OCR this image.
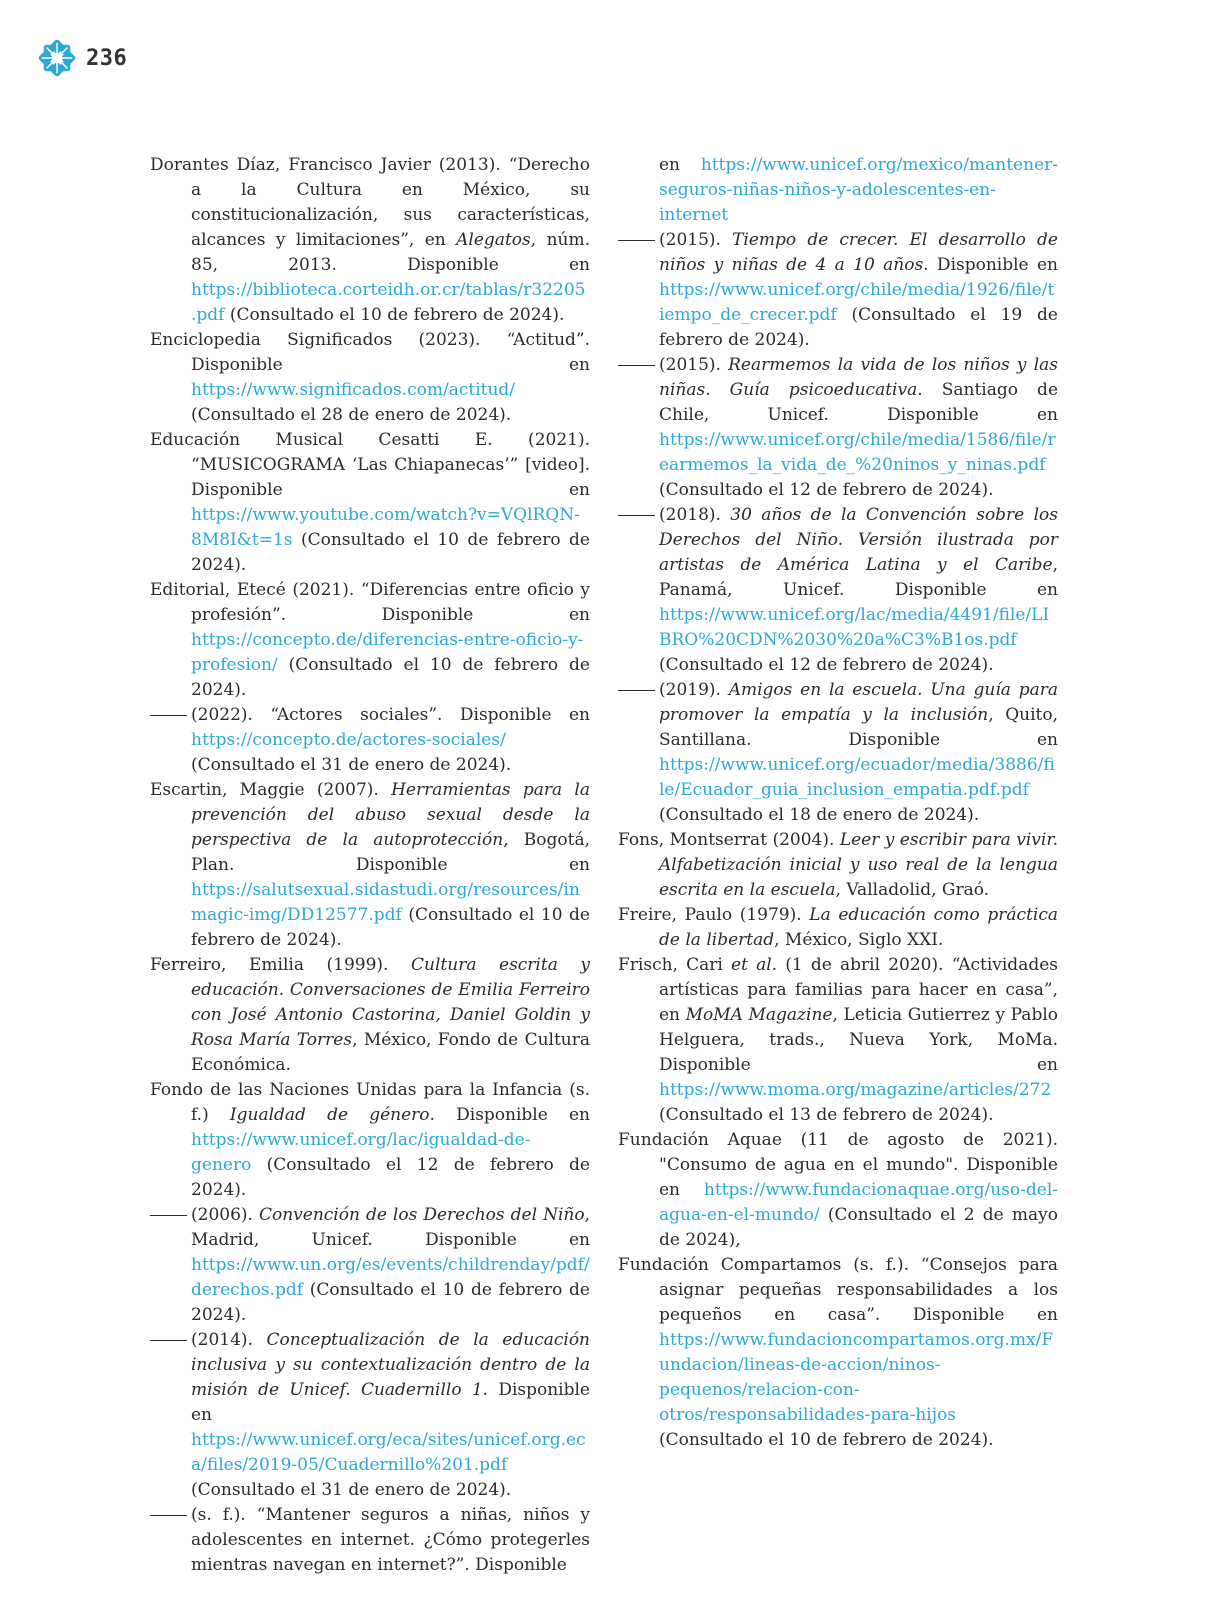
236
Dorantes Díaz, Francisco Javier (2013). “Derecho a la Cultura en México, su constitucionalización, sus características, alcances y limitaciones”, en Alegatos, núm. 85, 2013. Disponible en https://biblioteca.corteidh.or.cr/tablas/r32205.pdf (Consultado el 10 de febrero de 2024).
Enciclopedia Significados (2023). “Actitud”. Disponible en https://www.significados.com/actitud/ (Consultado el 28 de enero de 2024).
Educación Musical Cesatti E. (2021). “MUSICOGRAMA ‘Las Chiapanecas’” [video]. Disponible en https://www.youtube.com/watch?v=VQlRQN-8M8I&t=1s (Consultado el 10 de febrero de 2024).
Editorial, Etecé (2021). “Diferencias entre oficio y profesión”. Disponible en https://concepto.de/diferencias-entre-oficio-y-profesion/ (Consultado el 10 de febrero de 2024).
(2022). “Actores sociales”. Disponible en https://concepto.de/actores-sociales/ (Consultado el 31 de enero de 2024).
Escartin, Maggie (2007). Herramientas para la prevención del abuso sexual desde la perspectiva de la autoprotección, Bogotá, Plan. Disponible en https://salutsexual.sidastudi.org/resources/inmagic-img/DD12577.pdf (Consultado el 10 de febrero de 2024).
Ferreiro, Emilia (1999). Cultura escrita y educación. Conversaciones de Emilia Ferreiro con José Antonio Castorina, Daniel Goldin y Rosa María Torres, México, Fondo de Cultura Económica.
Fondo de las Naciones Unidas para la Infancia (s. f.) Igualdad de género. Disponible en https://www.unicef.org/lac/igualdad-de-genero (Consultado el 12 de febrero de 2024).
(2006). Convención de los Derechos del Niño, Madrid, Unicef. Disponible en https://www.un.org/es/events/childrenday/pdf/derechos.pdf (Consultado el 10 de febrero de 2024).
(2014). Conceptualización de la educación inclusiva y su contextualización dentro de la misión de Unicef. Cuadernillo 1. Disponible en https://www.unicef.org/eca/sites/unicef.org.eca/files/2019-05/Cuadernillo%201.pdf (Consultado el 31 de enero de 2024).
(s. f.). “Mantener seguros a niñas, niños y adolescentes en internet. ¿Cómo protegerles mientras navegan en internet?”. Disponible
en https://www.unicef.org/mexico/mantener-seguros-niñas-niños-y-adolescentes-en-internet
(2015). Tiempo de crecer. El desarrollo de niños y niñas de 4 a 10 años. Disponible en https://www.unicef.org/chile/media/1926/file/tiempo_de_crecer.pdf (Consultado el 19 de febrero de 2024).
(2015). Rearmemos la vida de los niños y las niñas. Guía psicoeducativa. Santiago de Chile, Unicef. Disponible en https://www.unicef.org/chile/media/1586/file/rearmemos_la_vida_de_%20ninos_y_ninas.pdf (Consultado el 12 de febrero de 2024).
(2018). 30 años de la Convención sobre los Derechos del Niño. Versión ilustrada por artistas de América Latina y el Caribe, Panamá, Unicef. Disponible en https://www.unicef.org/lac/media/4491/file/LIBRO%20CDN%2030%20a%C3%B1os.pdf (Consultado el 12 de febrero de 2024).
(2019). Amigos en la escuela. Una guía para promover la empatía y la inclusión, Quito, Santillana. Disponible en https://www.unicef.org/ecuador/media/3886/file/Ecuador_guia_inclusion_empatia.pdf.pdf (Consultado el 18 de enero de 2024).
Fons, Montserrat (2004). Leer y escribir para vivir. Alfabetización inicial y uso real de la lengua escrita en la escuela, Valladolid, Graó.
Freire, Paulo (1979). La educación como práctica de la libertad, México, Siglo XXI.
Frisch, Cari et al. (1 de abril 2020). “Actividades artísticas para familias para hacer en casa”, en MoMA Magazine, Leticia Gutierrez y Pablo Helguera, trads., Nueva York, MoMa. Disponible en https://www.moma.org/magazine/articles/272 (Consultado el 13 de febrero de 2024).
Fundación Aquae (11 de agosto de 2021). "Consumo de agua en el mundo". Disponible en https://www.fundacionaquae.org/uso-del-agua-en-el-mundo/ (Consultado el 2 de mayo de 2024),
Fundación Compartamos (s. f.). “Consejos para asignar pequeñas responsabilidades a los pequeños en casa”. Disponible en https://www.fundacioncompartamos.org.mx/Fundacion/lineas-de-accion/ninos-pequenos/relacion-con-otros/responsabilidades-para-hijos (Consultado el 10 de febrero de 2024).
